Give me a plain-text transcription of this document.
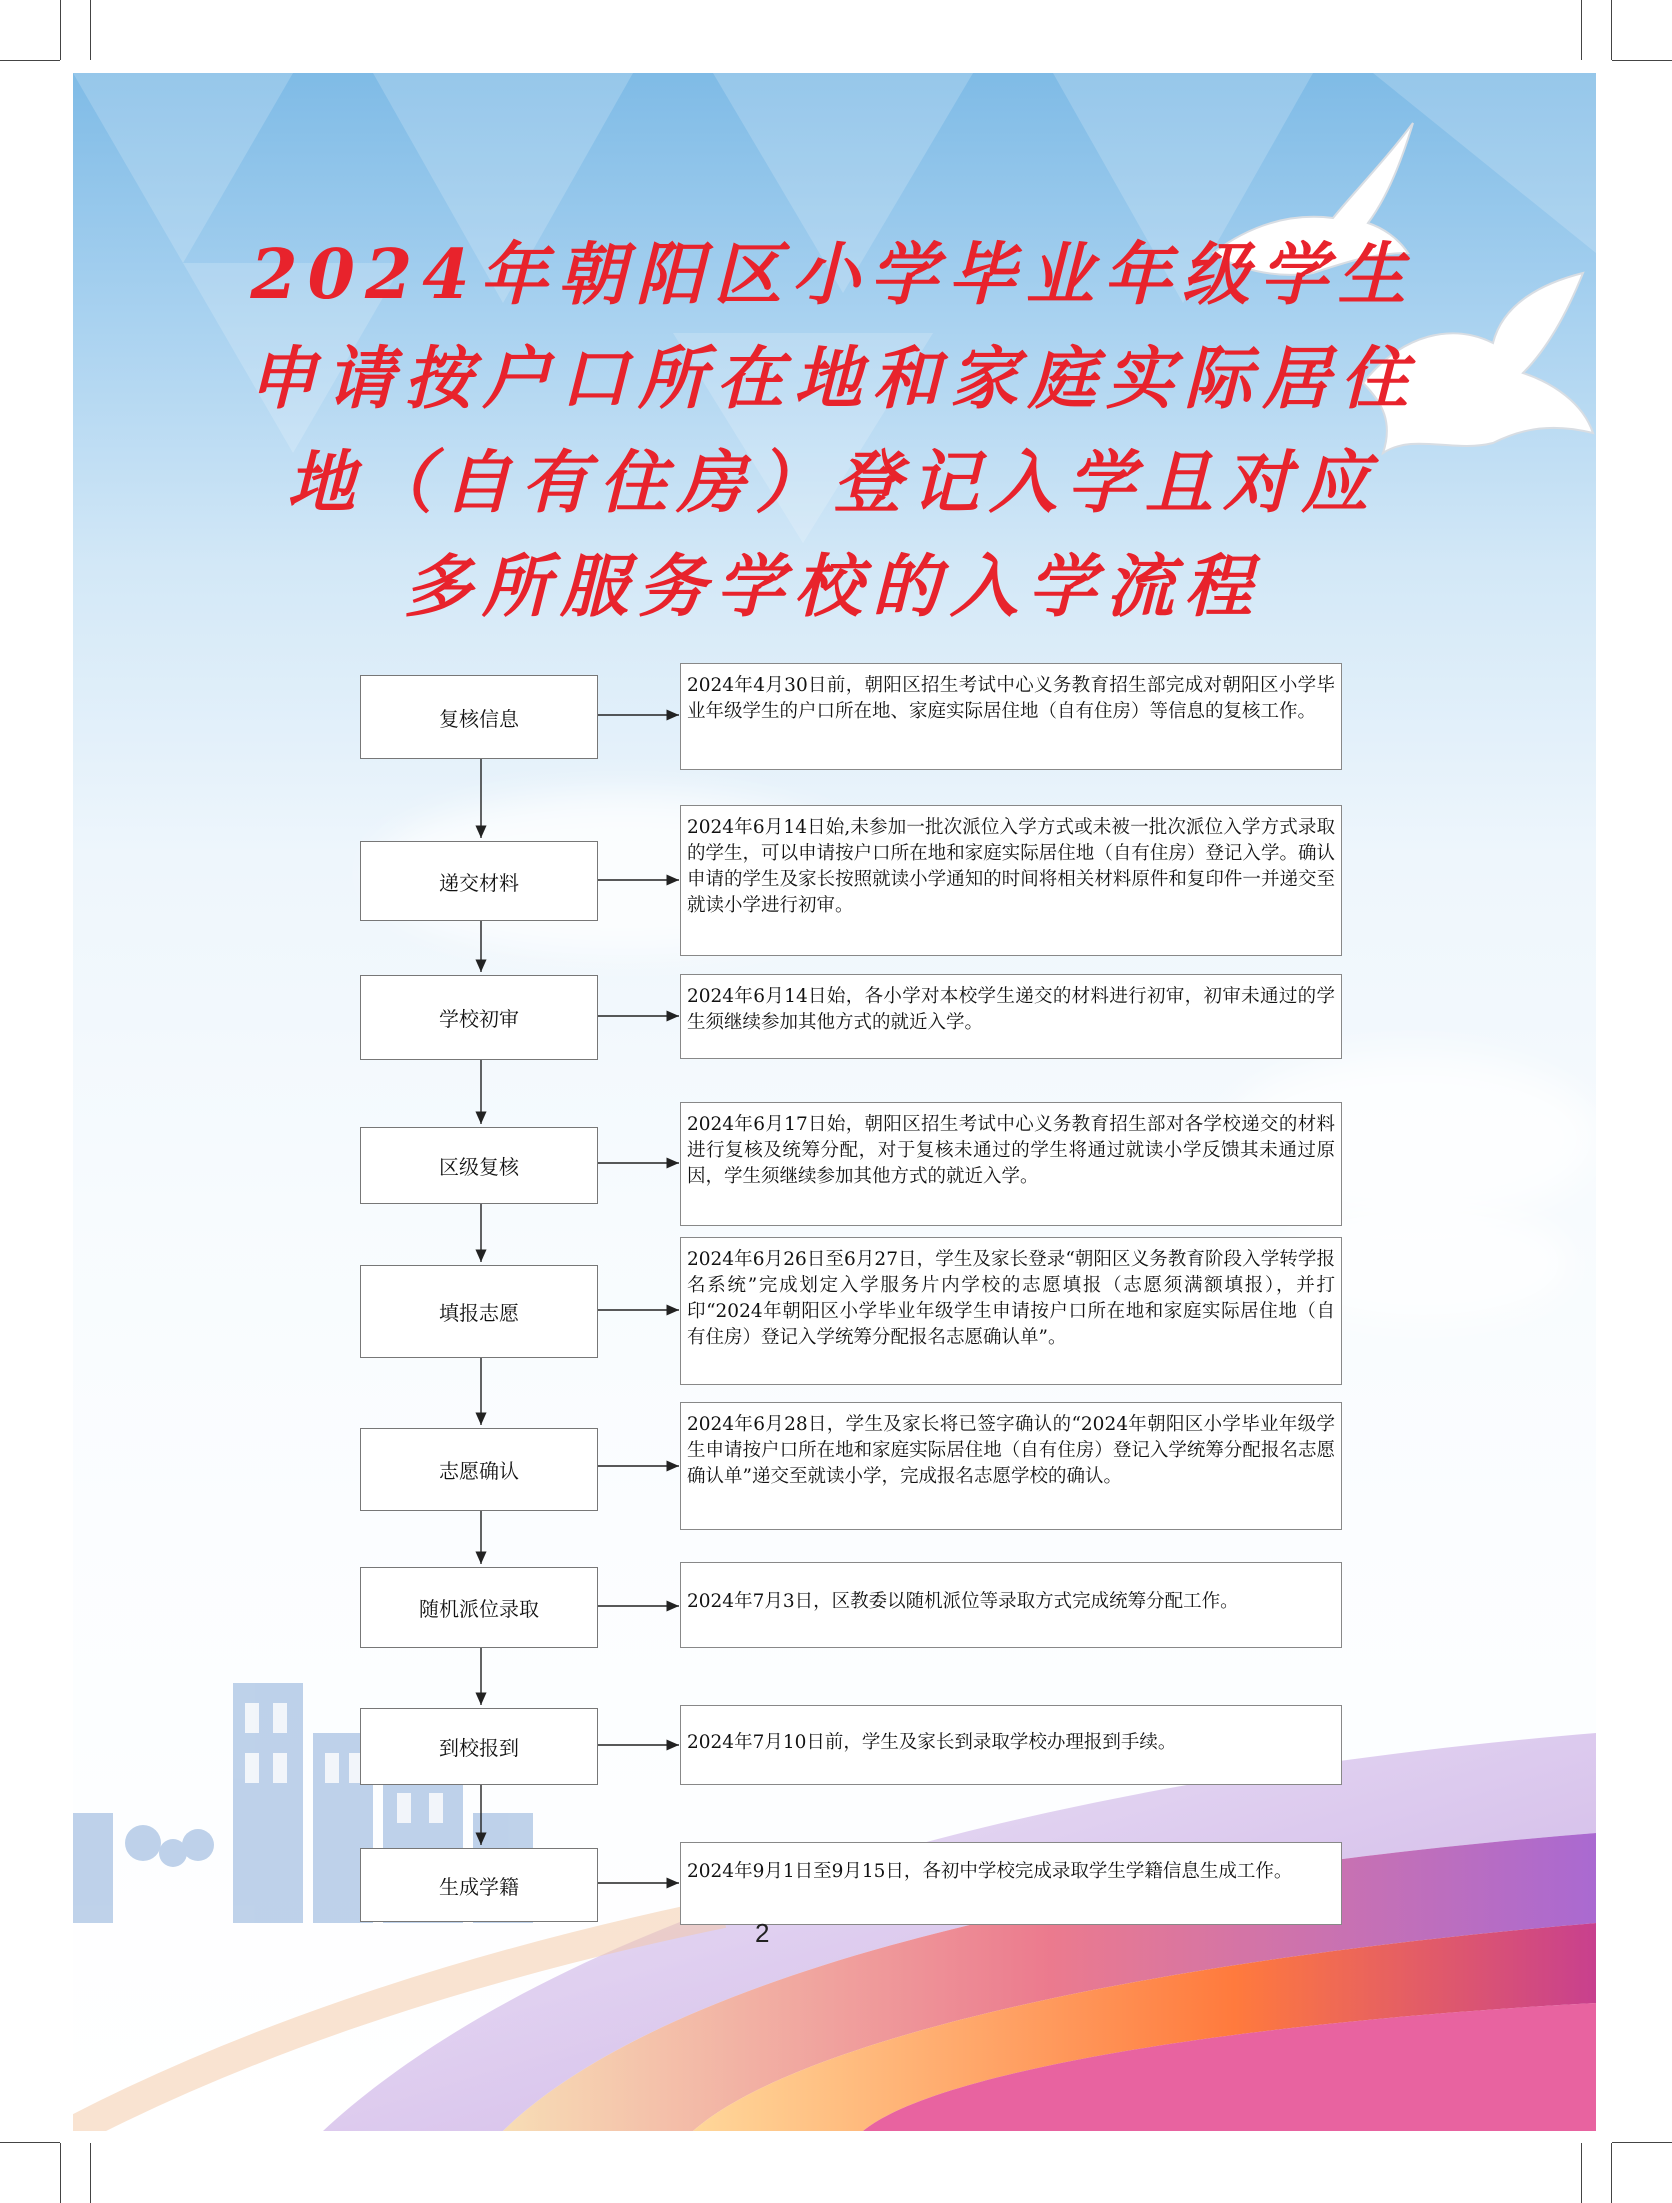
2024年朝阳区小学毕业年级学生
申请按户口所在地和家庭实际居住
地（自有住房）登记入学且对应
多所服务学校的入学流程
复核信息
递交材料
学校初审
区级复核
填报志愿
志愿确认
随机派位录取
到校报到
生成学籍
2024年4月30日前，朝阳区招生考试中心义务教育招生部完成对朝阳区小学毕业年级学生的户口所在地、家庭实际居住地（自有住房）等信息的复核工作。
2024年6月14日始,未参加一批次派位入学方式或未被一批次派位入学方式录取的学生，可以申请按户口所在地和家庭实际居住地（自有住房）登记入学。确认申请的学生及家长按照就读小学通知的时间将相关材料原件和复印件一并递交至就读小学进行初审。
2024年6月14日始，各小学对本校学生递交的材料进行初审，初审未通过的学生须继续参加其他方式的就近入学。
2024年6月17日始，朝阳区招生考试中心义务教育招生部对各学校递交的材料进行复核及统筹分配，对于复核未通过的学生将通过就读小学反馈其未通过原因，学生须继续参加其他方式的就近入学。
2024年6月26日至6月27日，学生及家长登录“朝阳区义务教育阶段入学转学报名系统”完成划定入学服务片内学校的志愿填报（志愿须满额填报），并打印“2024年朝阳区小学毕业年级学生申请按户口所在地和家庭实际居住地（自有住房）登记入学统筹分配报名志愿确认单”。
2024年6月28日，学生及家长将已签字确认的“2024年朝阳区小学毕业年级学生申请按户口所在地和家庭实际居住地（自有住房）登记入学统筹分配报名志愿确认单”递交至就读小学，完成报名志愿学校的确认。
2024年7月3日，区教委以随机派位等录取方式完成统筹分配工作。
2024年7月10日前，学生及家长到录取学校办理报到手续。
2024年9月1日至9月15日，各初中学校完成录取学生学籍信息生成工作。
2
